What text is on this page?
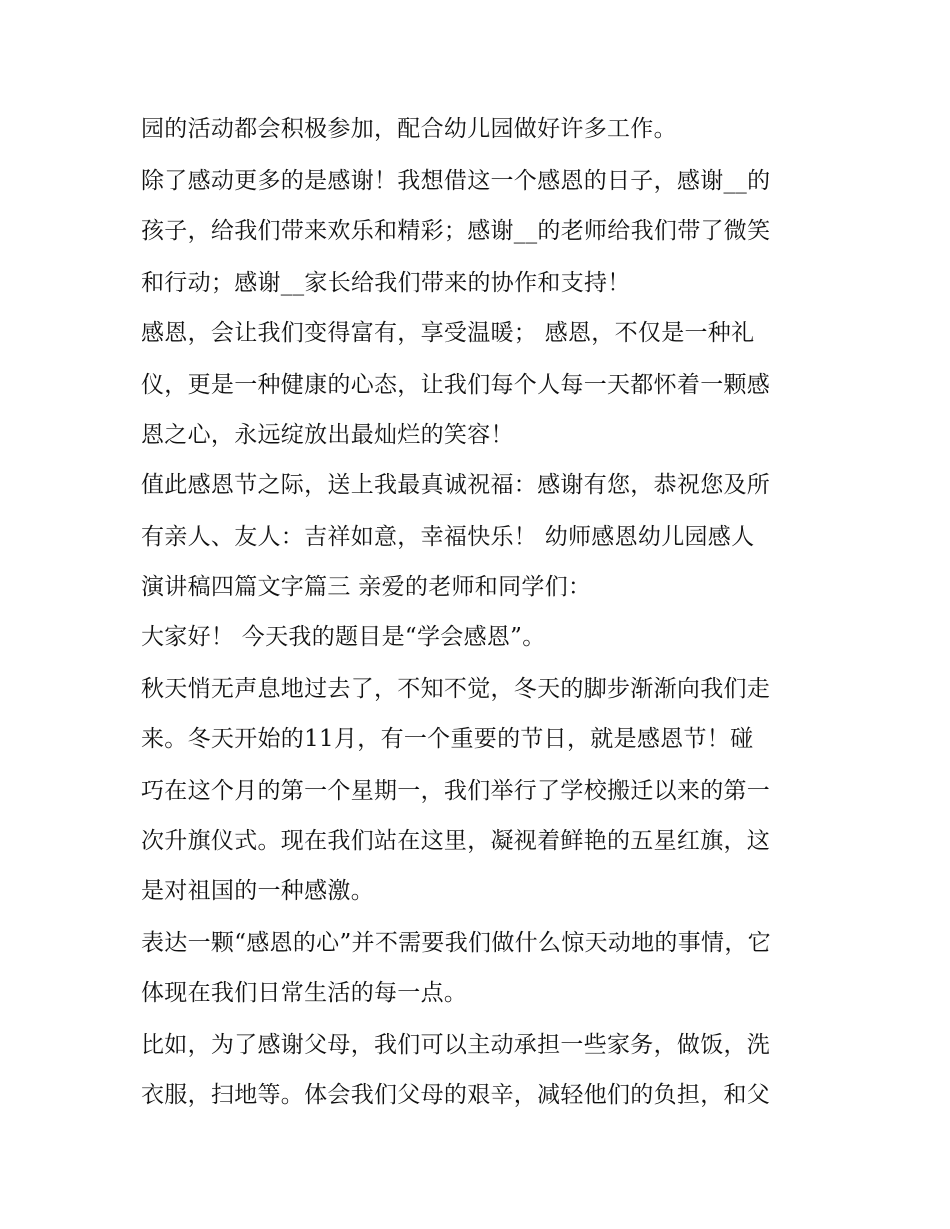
园的活动都会积极参加，配合幼儿园做好许多工作。
除了感动更多的是感谢！我想借这一个感恩的日子，感谢__的
孩子，给我们带来欢乐和精彩；感谢__的老师给我们带了微笑
和行动；感谢__家长给我们带来的协作和支持！
感恩，会让我们变得富有，享受温暖； 感恩，不仅是一种礼
仪，更是一种健康的心态，让我们每个人每一天都怀着一颗感
恩之心，永远绽放出最灿烂的笑容！
值此感恩节之际，送上我最真诚祝福：感谢有您，恭祝您及所
有亲人、友人：吉祥如意，幸福快乐！ 幼师感恩幼儿园感人
演讲稿四篇文字篇三 亲爱的老师和同学们：
大家好！ 今天我的题目是“学会感恩”。
秋天悄无声息地过去了，不知不觉，冬天的脚步渐渐向我们走
来。冬天开始的11月，有一个重要的节日，就是感恩节！碰
巧在这个月的第一个星期一，我们举行了学校搬迁以来的第一
次升旗仪式。现在我们站在这里，凝视着鲜艳的五星红旗，这
是对祖国的一种感激。
表达一颗“感恩的心”并不需要我们做什么惊天动地的事情，它
体现在我们日常生活的每一点。
比如，为了感谢父母，我们可以主动承担一些家务，做饭，洗
衣服，扫地等。体会我们父母的艰辛，减轻他们的负担，和父
